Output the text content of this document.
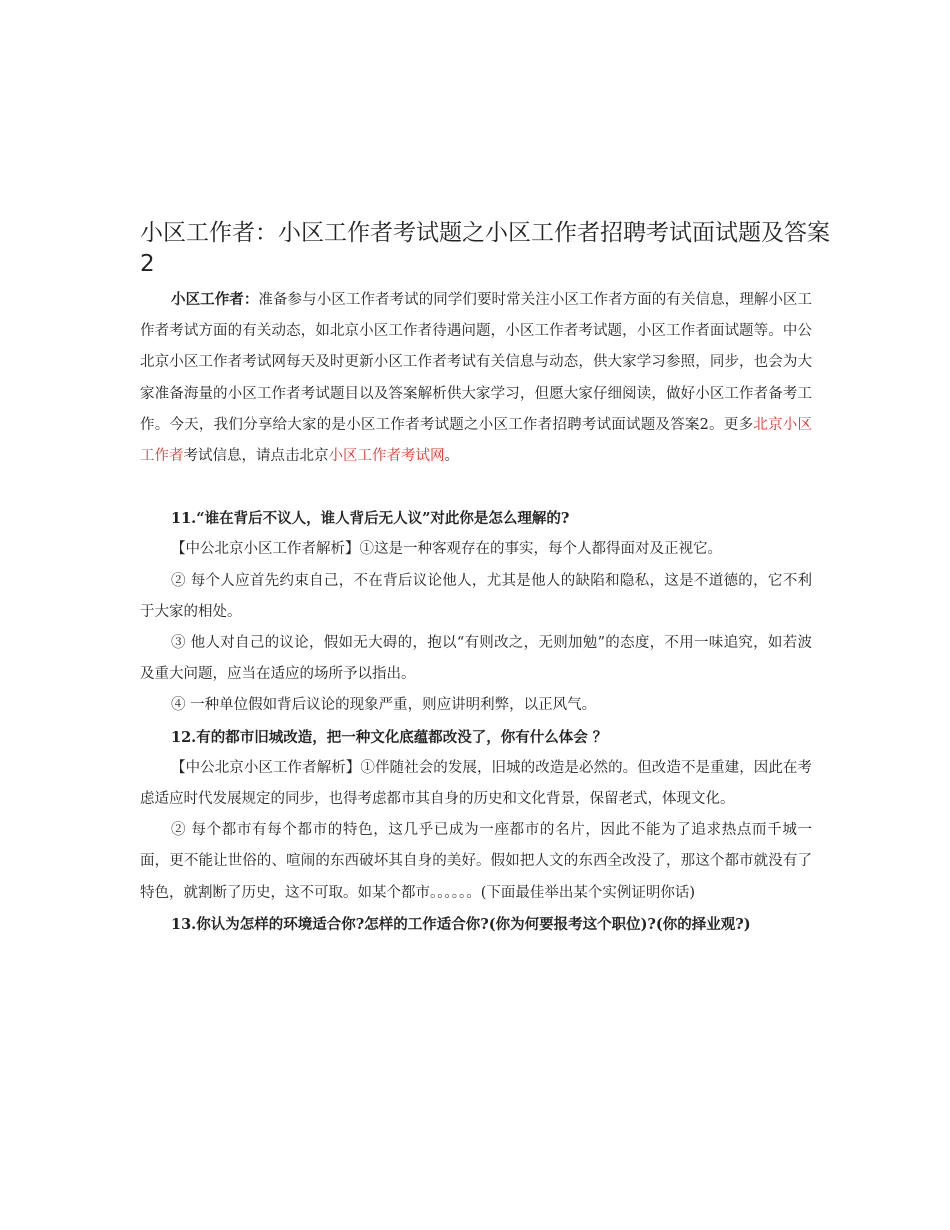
小区工作者：小区工作者考试题之小区工作者招聘考试面试题及答案2

小区工作者：准备参与小区工作者考试的同学们要时常关注小区工作者方面的有关信息，理解小区工作者考试方面的有关动态，如北京小区工作者待遇问题，小区工作者考试题，小区工作者面试题等。中公北京小区工作者考试网每天及时更新小区工作者考试有关信息与动态，供大家学习参照，同步，也会为大家准备海量的小区工作者考试题目以及答案解析供大家学习，但愿大家仔细阅读，做好小区工作者备考工作。今天，我们分享给大家的是小区工作者考试题之小区工作者招聘考试面试题及答案2。更多北京小区工作者考试信息，请点击北京小区工作者考试网。

11.“谁在背后不议人，谁人背后无人议”对此你是怎么理解的?

【中公北京小区工作者解析】①这是一种客观存在的事实，每个人都得面对及正视它。

② 每个人应首先约束自己，不在背后议论他人，尤其是他人的缺陷和隐私，这是不道德的，它不利于大家的相处。

③ 他人对自己的议论，假如无大碍的，抱以“有则改之，无则加勉”的态度，不用一味追究，如若波及重大问题，应当在适应的场所予以指出。

④ 一种单位假如背后议论的现象严重，则应讲明利弊，以正风气。

12.有的都市旧城改造，把一种文化底蕴都改没了，你有什么体会 ？

【中公北京小区工作者解析】①伴随社会的发展，旧城的改造是必然的。但改造不是重建，因此在考虑适应时代发展规定的同步，也得考虑都市其自身的历史和文化背景，保留老式，体现文化。

② 每个都市有每个都市的特色，这几乎已成为一座都市的名片，因此不能为了追求热点而千城一面，更不能让世俗的、喧闹的东西破坏其自身的美好。假如把人文的东西全改没了，那这个都市就没有了特色，就割断了历史，这不可取。如某个都市。。。。。。(下面最佳举出某个实例证明你话)

13.你认为怎样的环境适合你?怎样的工作适合你?(你为何要报考这个职位)?(你的择业观?)
